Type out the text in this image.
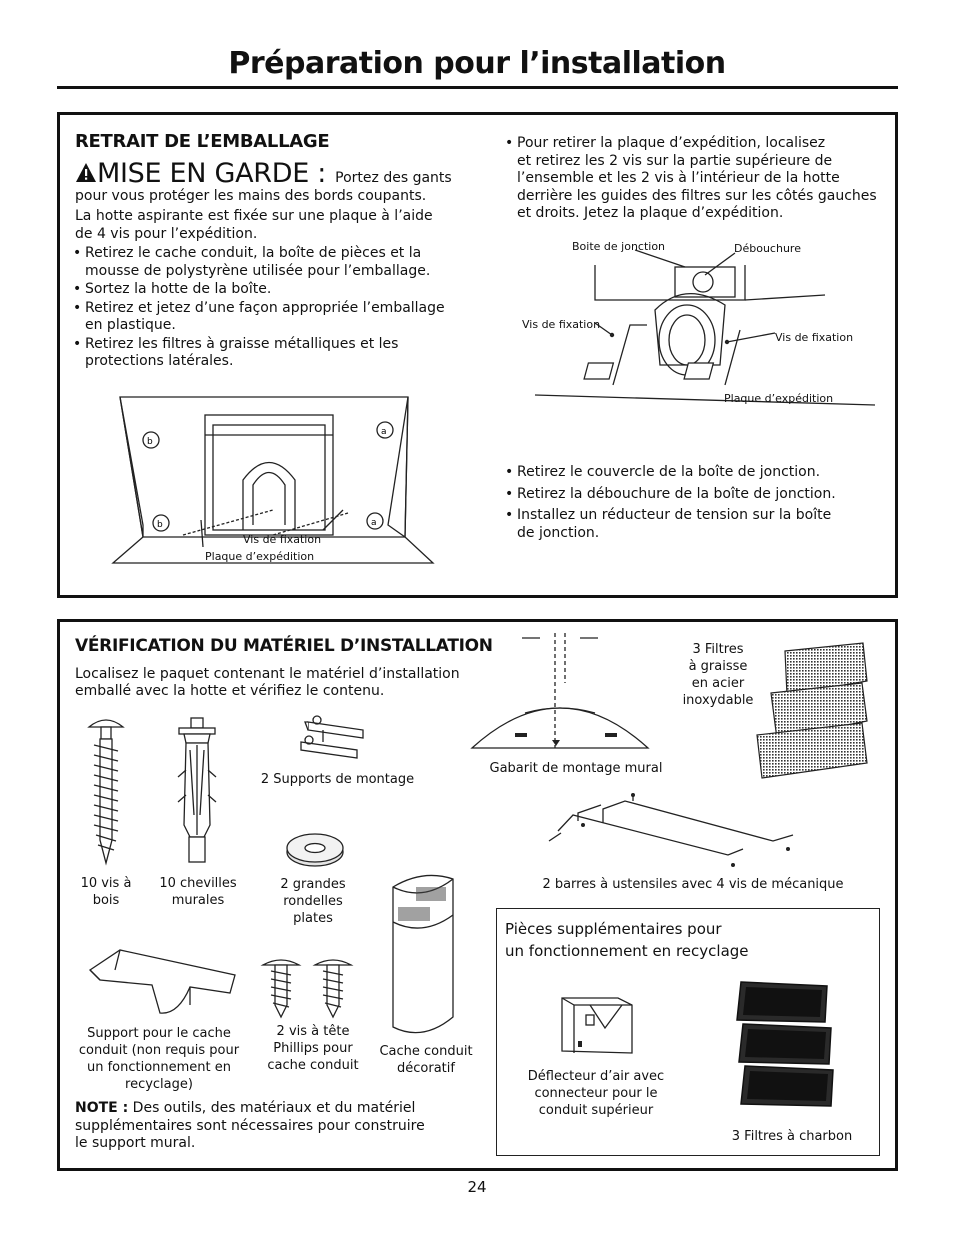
Préparation pour l’installation
RETRAIT DE L’EMBALLAGE
MISE EN GARDE : Portez des gants
pour vous protéger les mains des bords coupants.
La hotte aspirante est fixée sur une plaque à l’aide
de 4 vis pour l’expédition.
• Retirez le cache conduit, la boîte de pièces et la
mousse de polystyrène utilisée pour l’emballage.
• Sortez la hotte de la boîte.
• Retirez et jetez d’une façon appropriée l’emballage
en plastique.
• Retirez les filtres à graisse métalliques et les
protections latérales.
b
a
b	a
Vis de fixation
Plaque d’expédition
• Pour retirer la plaque d’expédition, localisez
et retirez les 2 vis sur la partie supérieure de
l’ensemble et les 2 vis à l’intérieur de la hotte
derrière les guides des filtres sur les côtés gauches
et droits. Jetez la plaque d’expédition.
Boite de jonction	Débouchure
Vis de fixation
Vis de fixation
Plaque d’expédition
• Retirez le couvercle de la boîte de jonction.
• Retirez la débouchure de la boîte de jonction.
• Installez un réducteur de tension sur la boîte
de jonction.
VÉRIFICATION DU MATÉRIEL D’INSTALLATION
Localisez le paquet contenant le matériel d’installation
emballé avec la hotte et vérifiez le contenu.
10 vis à
bois
10 chevilles
murales
2 Supports de montage
2 grandes
rondelles
plates
Support pour le cache
conduit (non requis pour
un fonctionnement en
recyclage)
2 vis à tête
Phillips pour
cache conduit
Cache conduit
décoratif
Gabarit de montage mural
3 Filtres
à graisse
en acier
inoxydable
2 barres à ustensiles avec 4 vis de mécanique
NOTE : Des outils, des matériaux et du matériel
supplémentaires sont nécessaires pour construire
le support mural.
Pièces supplémentaires pour
un fonctionnement en recyclage
Déflecteur d’air avec
connecteur pour le
conduit supérieur
3 Filtres à charbon
24
